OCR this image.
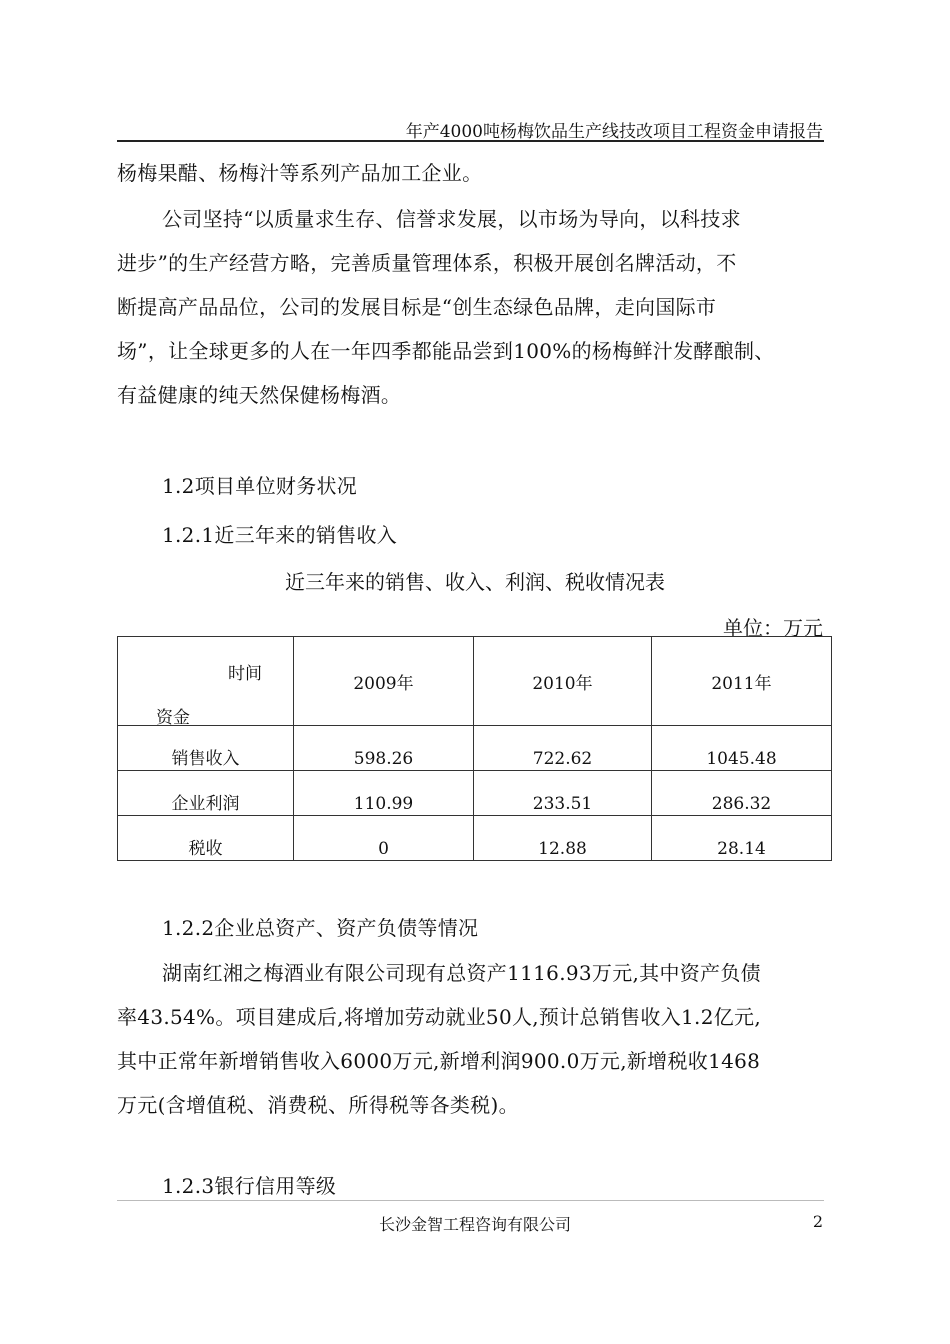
年产4000吨杨梅饮品生产线技改项目工程资金申请报告
杨梅果醋、杨梅汁等系列产品加工企业。
公司坚持“以质量求生存、信誉求发展，以市场为导向，以科技求
进步”的生产经营方略，完善质量管理体系，积极开展创名牌活动，不
断提高产品品位，公司的发展目标是“创生态绿色品牌，走向国际市
场”，让全球更多的人在一年四季都能品尝到100%的杨梅鲜汁发酵酿制、
有益健康的纯天然保健杨梅酒。
1.2项目单位财务状况
1.2.1近三年来的销售收入
近三年来的销售、收入、利润、税收情况表
单位：万元
时间
资金	2009年	2010年	2011年
销售收入	598.26	722.62	1045.48
企业利润	110.99	233.51	286.32
税收	0	12.88	28.14
1.2.2企业总资产、资产负债等情况
湖南红湘之梅酒业有限公司现有总资产1116.93万元,其中资产负债
率43.54%。项目建成后,将增加劳动就业50人,预计总销售收入1.2亿元,
其中正常年新增销售收入6000万元,新增利润900.0万元,新增税收1468
万元(含增值税、消费税、所得税等各类税)。
1.2.3银行信用等级
长沙金智工程咨询有限公司	2
